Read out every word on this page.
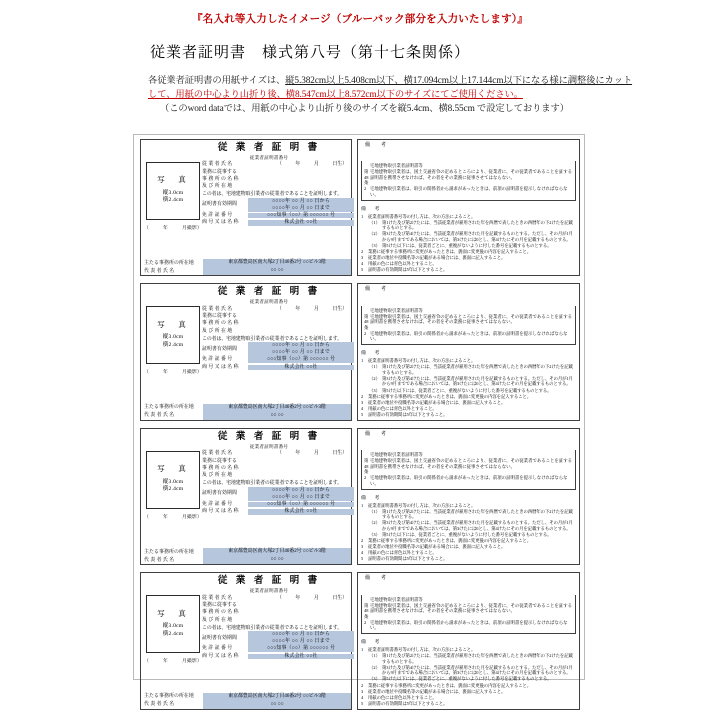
『名入れ等入力したイメージ（ブルーバック部分を入力いたします）』
従業者証明書　様式第八号（第十七条関係）
各従業者証明書の用紙サイズは、縦5.382cm以上5.408cm以下、横17.094cm以上17.144cm以下になる様に調整後にカット
して、用紙の中心より山折り後、横8.547cm以上8.572cm以下のサイズにてご使用ください。
（このword dataでは、用紙の中心より山折り後のサイズを縦5.4cm、横8.55cm で設定しております）
従 業 者 証 明 書
従業者証明書番号
写　真
縦3.0cm
横2.4cm
（	年	月撮影）
従 業 者 氏 名	（	年	月	日生）
業務に従事する
事 務 所 の 名 称
及 び 所 在 地
この者は、宅地建物取引業者の従業者であることを証明します。
証明書有効期間
○○○○年 ○○ 月 ○○ 日から
○○○○年 ○○ 月 ○○ 日まで
免 許 証 番 号	○○○知事（○○）第 ○○○○○○ 号
商 号 又 は 名 称	株式会社 ○○社
主たる事務所の所在地	東京都豊島区南大塚2丁目46番2号 ○○ビル3階
代 表 者 氏 名	○○ ○○
備　考
宅地建物取引業者証明書等
第48条
宅地建物取引業者は、国土交通省令の定めるところにより、従業者に、その従業者であることを証する証明書を携帯させなければ、その者をその業務に従事させてはならない。
2 宅地建物取引業者は、取引の関係者から請求があったときは、前項の証明書を提示しなければならない。
備　考
1	従業者証明書番号等の付し方は、次の方法によること。
（1） 第1けた及び第2けたには、当該従業者が雇用された年を西暦で表したときの西暦年の下2けたを記載するものとする。
（2） 第3けた及び第4けたには、当該従業者が雇用された月を記載するものとする。ただし、その月が1月から9月までである場合においては、第3けたには0とし、第4けたにその月を記載するものとする。
（3） 第5けた以下には、従業者ごとに、重複がないように付した番号を記載するものとする。
2	業務に従事する事務所に変更があったときは、裏面に変更後の内容を記入すること。
3	従業者の地位や役職名等の記載がある場合には、裏面に記入すること。
4	用紙の色には青色以外とすること。
5	証明書の有効期間は5年以下とすること。
従 業 者 証 明 書
従業者証明書番号
写　真
縦3.0cm
横2.4cm
（	年	月撮影）
従 業 者 氏 名	（	年	月	日生）
業務に従事する
事 務 所 の 名 称
及 び 所 在 地
この者は、宅地建物取引業者の従業者であることを証明します。
証明書有効期間
○○○○年 ○○ 月 ○○ 日から
○○○○年 ○○ 月 ○○ 日まで
免 許 証 番 号	○○○知事（○○）第 ○○○○○○ 号
商 号 又 は 名 称	株式会社 ○○社
主たる事務所の所在地	東京都豊島区南大塚2丁目46番2号 ○○ビル3階
代 表 者 氏 名	○○ ○○
備　考
宅地建物取引業者証明書等
第48条
宅地建物取引業者は、国土交通省令の定めるところにより、従業者に、その従業者であることを証する証明書を携帯させなければ、その者をその業務に従事させてはならない。
2 宅地建物取引業者は、取引の関係者から請求があったときは、前項の証明書を提示しなければならない。
備　考
1	従業者証明書番号等の付し方は、次の方法によること。
（1） 第1けた及び第2けたには、当該従業者が雇用された年を西暦で表したときの西暦年の下2けたを記載するものとする。
（2） 第3けた及び第4けたには、当該従業者が雇用された月を記載するものとする。ただし、その月が1月から9月までである場合においては、第3けたには0とし、第4けたにその月を記載するものとする。
（3） 第5けた以下には、従業者ごとに、重複がないように付した番号を記載するものとする。
2	業務に従事する事務所に変更があったときは、裏面に変更後の内容を記入すること。
3	従業者の地位や役職名等の記載がある場合には、裏面に記入すること。
4	用紙の色には青色以外とすること。
5	証明書の有効期間は5年以下とすること。
従 業 者 証 明 書
従業者証明書番号
写　真
縦3.0cm
横2.4cm
（	年	月撮影）
従 業 者 氏 名	（	年	月	日生）
業務に従事する
事 務 所 の 名 称
及 び 所 在 地
この者は、宅地建物取引業者の従業者であることを証明します。
証明書有効期間
○○○○年 ○○ 月 ○○ 日から
○○○○年 ○○ 月 ○○ 日まで
免 許 証 番 号	○○○知事（○○）第 ○○○○○○ 号
商 号 又 は 名 称	株式会社 ○○社
主たる事務所の所在地	東京都豊島区南大塚2丁目46番2号 ○○ビル3階
代 表 者 氏 名	○○ ○○
備　考
宅地建物取引業者証明書等
第48条
宅地建物取引業者は、国土交通省令の定めるところにより、従業者に、その従業者であることを証する証明書を携帯させなければ、その者をその業務に従事させてはならない。
2 宅地建物取引業者は、取引の関係者から請求があったときは、前項の証明書を提示しなければならない。
備　考
1	従業者証明書番号等の付し方は、次の方法によること。
（1） 第1けた及び第2けたには、当該従業者が雇用された年を西暦で表したときの西暦年の下2けたを記載するものとする。
（2） 第3けた及び第4けたには、当該従業者が雇用された月を記載するものとする。ただし、その月が1月から9月までである場合においては、第3けたには0とし、第4けたにその月を記載するものとする。
（3） 第5けた以下には、従業者ごとに、重複がないように付した番号を記載するものとする。
2	業務に従事する事務所に変更があったときは、裏面に変更後の内容を記入すること。
3	従業者の地位や役職名等の記載がある場合には、裏面に記入すること。
4	用紙の色には青色以外とすること。
5	証明書の有効期間は5年以下とすること。
従 業 者 証 明 書
従業者証明書番号
写　真
縦3.0cm
横2.4cm
（	年	月撮影）
従 業 者 氏 名	（	年	月	日生）
業務に従事する
事 務 所 の 名 称
及 び 所 在 地
この者は、宅地建物取引業者の従業者であることを証明します。
証明書有効期間
○○○○年 ○○ 月 ○○ 日から
○○○○年 ○○ 月 ○○ 日まで
免 許 証 番 号	○○○知事（○○）第 ○○○○○○ 号
商 号 又 は 名 称	株式会社 ○○社
主たる事務所の所在地	東京都豊島区南大塚2丁目46番2号 ○○ビル3階
代 表 者 氏 名	○○ ○○
備　考
宅地建物取引業者証明書等
第48条
宅地建物取引業者は、国土交通省令の定めるところにより、従業者に、その従業者であることを証する証明書を携帯させなければ、その者をその業務に従事させてはならない。
2 宅地建物取引業者は、取引の関係者から請求があったときは、前項の証明書を提示しなければならない。
備　考
1	従業者証明書番号等の付し方は、次の方法によること。
（1） 第1けた及び第2けたには、当該従業者が雇用された年を西暦で表したときの西暦年の下2けたを記載するものとする。
（2） 第3けた及び第4けたには、当該従業者が雇用された月を記載するものとする。ただし、その月が1月から9月までである場合においては、第3けたには0とし、第4けたにその月を記載するものとする。
（3） 第5けた以下には、従業者ごとに、重複がないように付した番号を記載するものとする。
2	業務に従事する事務所に変更があったときは、裏面に変更後の内容を記入すること。
3	従業者の地位や役職名等の記載がある場合には、裏面に記入すること。
4	用紙の色には青色以外とすること。
5	証明書の有効期間は5年以下とすること。
